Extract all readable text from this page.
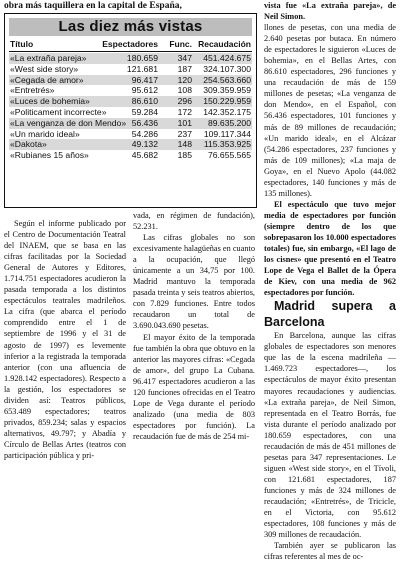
obra más taquillera en la capital de España,
Las diez más vistas
Título	Espectadores	Func. Recaudación
«La extraña pareja»	180.659	347	451.424.675
«West side story»	121.681	187	324.107.300
«Cegada de amor»	96.417	120	254.563.660
«Entretrés»	95.612	108	309.359.959
«Luces de bohemia»	86.610	296	150.229.959
«Politicament incorrecte»	59.284	172	142.352.175
«La venganza de don Mendo» 56.436	101	89.635.200
«Un marido ideal»	54.286	237	109.117.344
«Dakota»	49.132	148	115.353.925
«Rubianes 15 años»	45.682	185	76.655.565

Según el informe publicado por el Centro de Documentación Teatral del INAEM, que se basa en las cifras facilitadas por la Sociedad General de Autores y Editores, 1.714.751 espectadores acudieron la pasada temporada a los distintos espectáculos teatrales madrileños. La cifra (que abarca el período comprendido entre el 1 de septiembre de 1996 y el 31 de agosto de 1997) es levemente inferior a la registrada la temporada anterior (con una afluencia de 1.928.142 espectadores). Respecto a la gestión, los espectadores se dividen así: Teatros públicos, 653.489 espectadores; teatros privados, 859.234; salas y espacios alternativos, 49.797; y Abadía y Círculo de Bellas Artes (teatros con participación pública y pri-

vada, en régimen de fundación), 52.231.

Las cifras globales no son excesivamente halagüeñas en cuanto a la ocupación, que llegó únicamente a un 34,75 por 100. Madrid mantuvo la temporada pasada treinta y seis teatros abiertos, con 7.829 funciones. Entre todos recaudaron un total de 3.690.043.690 pesetas.

El mayor éxito de la temporada fue también la obra que obtuvo en la anterior las mayores cifras: «Cegada de amor», del grupo La Cubana. 96.417 espectadores acudieron a las 120 funciones ofrecidas en el Teatro Lope de Vega durante el período analizado (una media de 803 espectadores por función). La recaudación fue de más de 254 mi-

vista fue «La extraña pareja», de Neil Simon.

llones de pesetas, con una media de 2.640 pesetas por butaca. En número de espectadores le siguieron «Luces de bohemia», en el Bellas Artes, con 86.610 espectadores, 296 funciones y una recaudación de más de 159 millones de pesetas; «La venganza de don Mendo», en el Español, con 56.436 espectadores, 101 funciones y más de 89 millones de recaudación; «Un marido ideal», en el Alcázar (54.286 espectadores, 237 funciones y más de 109 millones); «La maja de Goya», en el Nuevo Apolo (44.082 espectadores, 140 funciones y más de 135 millones).

El espectáculo que tuvo mejor media de espectadores por función (siempre dentro de los que sobrepasaron los 10.000 espectadores totales) fue, sin embargo, «El lago de los cisnes» que presentó en el Teatro Lope de Vega el Ballet de la Ópera de Kiev, con una media de 962 espectadores por función.

Madrid supera a Barcelona

En Barcelona, aunque las cifras globales de espectadores son menores que las de la escena madrileña —1.469.723 espectadores—, los espectáculos de mayor éxito presentan mayores recaudaciones y audiencias. «La extraña pareja», de Neil Simon, representada en el Teatro Borrás, fue vista durante el período analizado por 180.659 espectadores, con una recaudación de más de 451 millones de pesetas para 347 representaciones. Le siguen «West side story», en el Tívoli, con 121.681 espectadores, 187 funciones y más de 324 millones de recaudación; «Entretrés», de Tricicle, en el Victoria, con 95.612 espectadores, 108 funciones y más de 309 millones de recaudación.

También ayer se publicaron las cifras referentes al mes de oc-
